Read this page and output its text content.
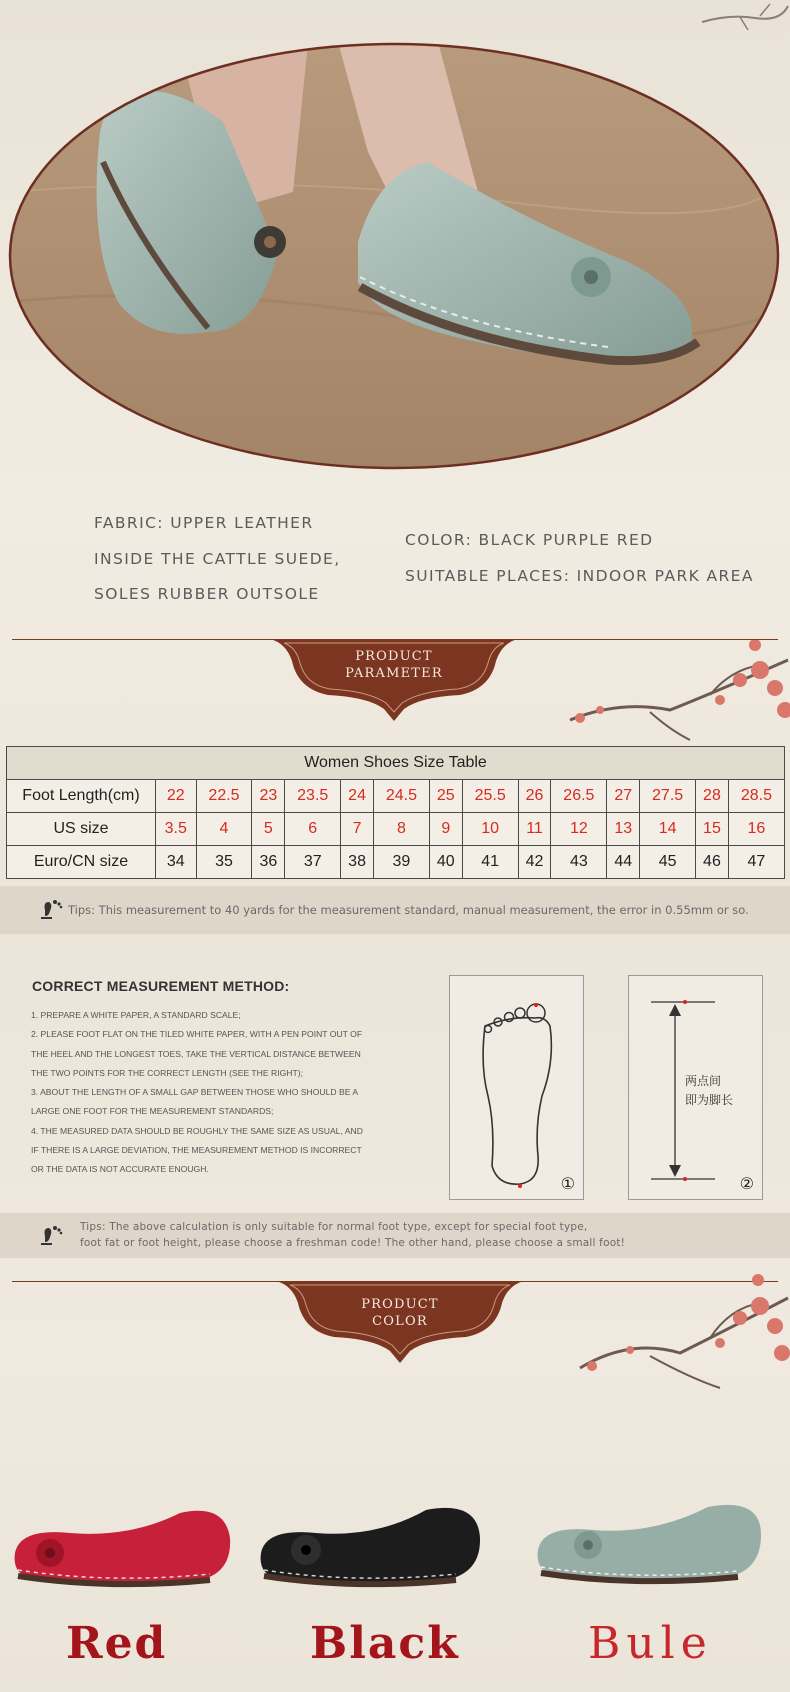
FABRIC: UPPER LEATHER
INSIDE THE CATTLE SUEDE,
SOLES RUBBER OUTSOLE
COLOR: BLACK PURPLE RED
SUITABLE PLACES: INDOOR PARK AREA
PRODUCT
PARAMETER
Women Shoes Size Table														
Foot Length(cm)	22	22.5	23	23.5	24	24.5	25	25.5	26	26.5	27	27.5	28	28.5
US size	3.5	4	5	6	7	8	9	10	11	12	13	14	15	16
Euro/CN size	34	35	36	37	38	39	40	41	42	43	44	45	46	47
Tips: This measurement to 40 yards for the measurement standard, manual measurement, the error in 0.55mm or so.
CORRECT MEASUREMENT METHOD:
1. PREPARE A WHITE PAPER, A STANDARD SCALE;
2. PLEASE FOOT FLAT ON THE TILED WHITE PAPER, WITH A PEN POINT OUT OF
THE HEEL AND THE LONGEST TOES, TAKE THE VERTICAL DISTANCE BETWEEN
THE TWO POINTS FOR THE CORRECT LENGTH (SEE THE RIGHT);
3. ABOUT THE LENGTH OF A SMALL GAP BETWEEN THOSE WHO SHOULD BE A
LARGE ONE FOOT FOR THE MEASUREMENT STANDARDS;
4. THE MEASURED DATA SHOULD BE ROUGHLY THE SAME SIZE AS USUAL, AND
IF THERE IS A LARGE DEVIATION, THE MEASUREMENT METHOD IS INCORRECT
OR THE DATA IS NOT ACCURATE ENOUGH.
①
两点间
即为脚长
②
Tips: The above calculation is only suitable for normal foot type, except for special foot type,
foot fat or foot height, please choose a freshman code! The other hand, please choose a small foot!
PRODUCT
COLOR
Red	Black	Bule
